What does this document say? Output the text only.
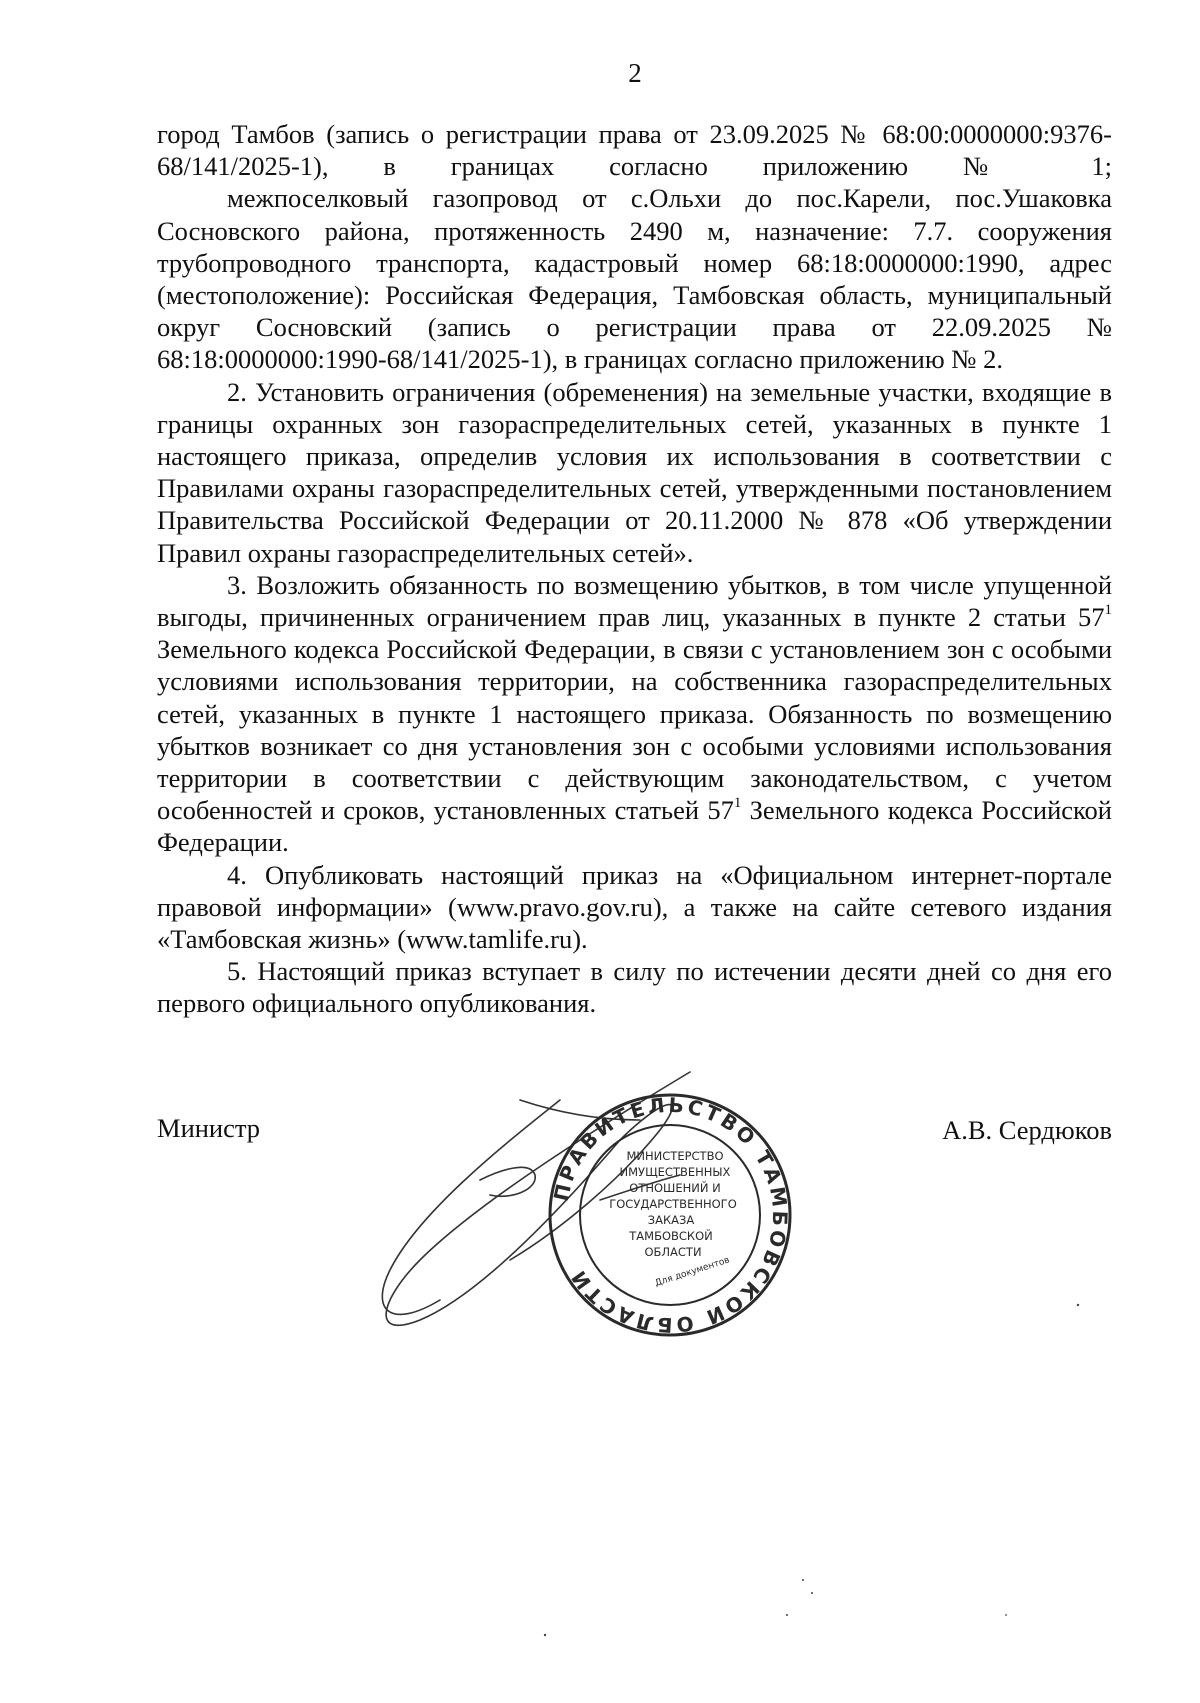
2

город Тамбов (запись о регистрации права от 23.09.2025 № 68:00:0000000:9376-68/141/2025-1), в границах согласно приложению № 1;

межпоселковый газопровод от с.Ольхи до пос.Карели, пос.Ушаковка Сосновского района, протяженность 2490 м, назначение: 7.7. сооружения трубопроводного транспорта, кадастровый номер 68:18:0000000:1990, адрес (местоположение): Российская Федерация, Тамбовская область, муниципальный округ Сосновский (запись о регистрации права от 22.09.2025 № 68:18:0000000:1990-68/141/2025-1), в границах согласно приложению № 2.

2. Установить ограничения (обременения) на земельные участки, входящие в границы охранных зон газораспределительных сетей, указанных в пункте 1 настоящего приказа, определив условия их использования в соответствии с Правилами охраны газораспределительных сетей, утвержденными постановлением Правительства Российской Федерации от 20.11.2000 № 878 «Об утверждении Правил охраны газораспределительных сетей».

3. Возложить обязанность по возмещению убытков, в том числе упущенной выгоды, причиненных ограничением прав лиц, указанных в пункте 2 статьи $57^1$ Земельного кодекса Российской Федерации, в связи с установлением зон с особыми условиями использования территории, на собственника газораспределительных сетей, указанных в пункте 1 настоящего приказа. Обязанность по возмещению убытков возникает со дня установления зон с особыми условиями использования территории в соответствии с действующим законодательством, с учетом особенностей и сроков, установленных статьей $57^1$ Земельного кодекса Российской Федерации.

4. Опубликовать настоящий приказ на «Официальном интернет-портале правовой информации» (www.pravo.gov.ru), а также на сайте сетевого издания «Тамбовская жизнь» (www.tamlife.ru).

5. Настоящий приказ вступает в силу по истечении десяти дней со дня его первого официального опубликования.

ПРАВИТЕЛЬСТВО ТАМБОВСКОЙ ОБЛАСТИ
МИНИСТЕРСТВО
ИМУЩЕСТВЕННЫХ
ОТНОШЕНИЙ И
ГОСУДАРСТВЕННОГО
ЗАКАЗА
ТАМБОВСКОЙ
ОБЛАСТИ
Для документов
Министр	А.В. Сердюков
